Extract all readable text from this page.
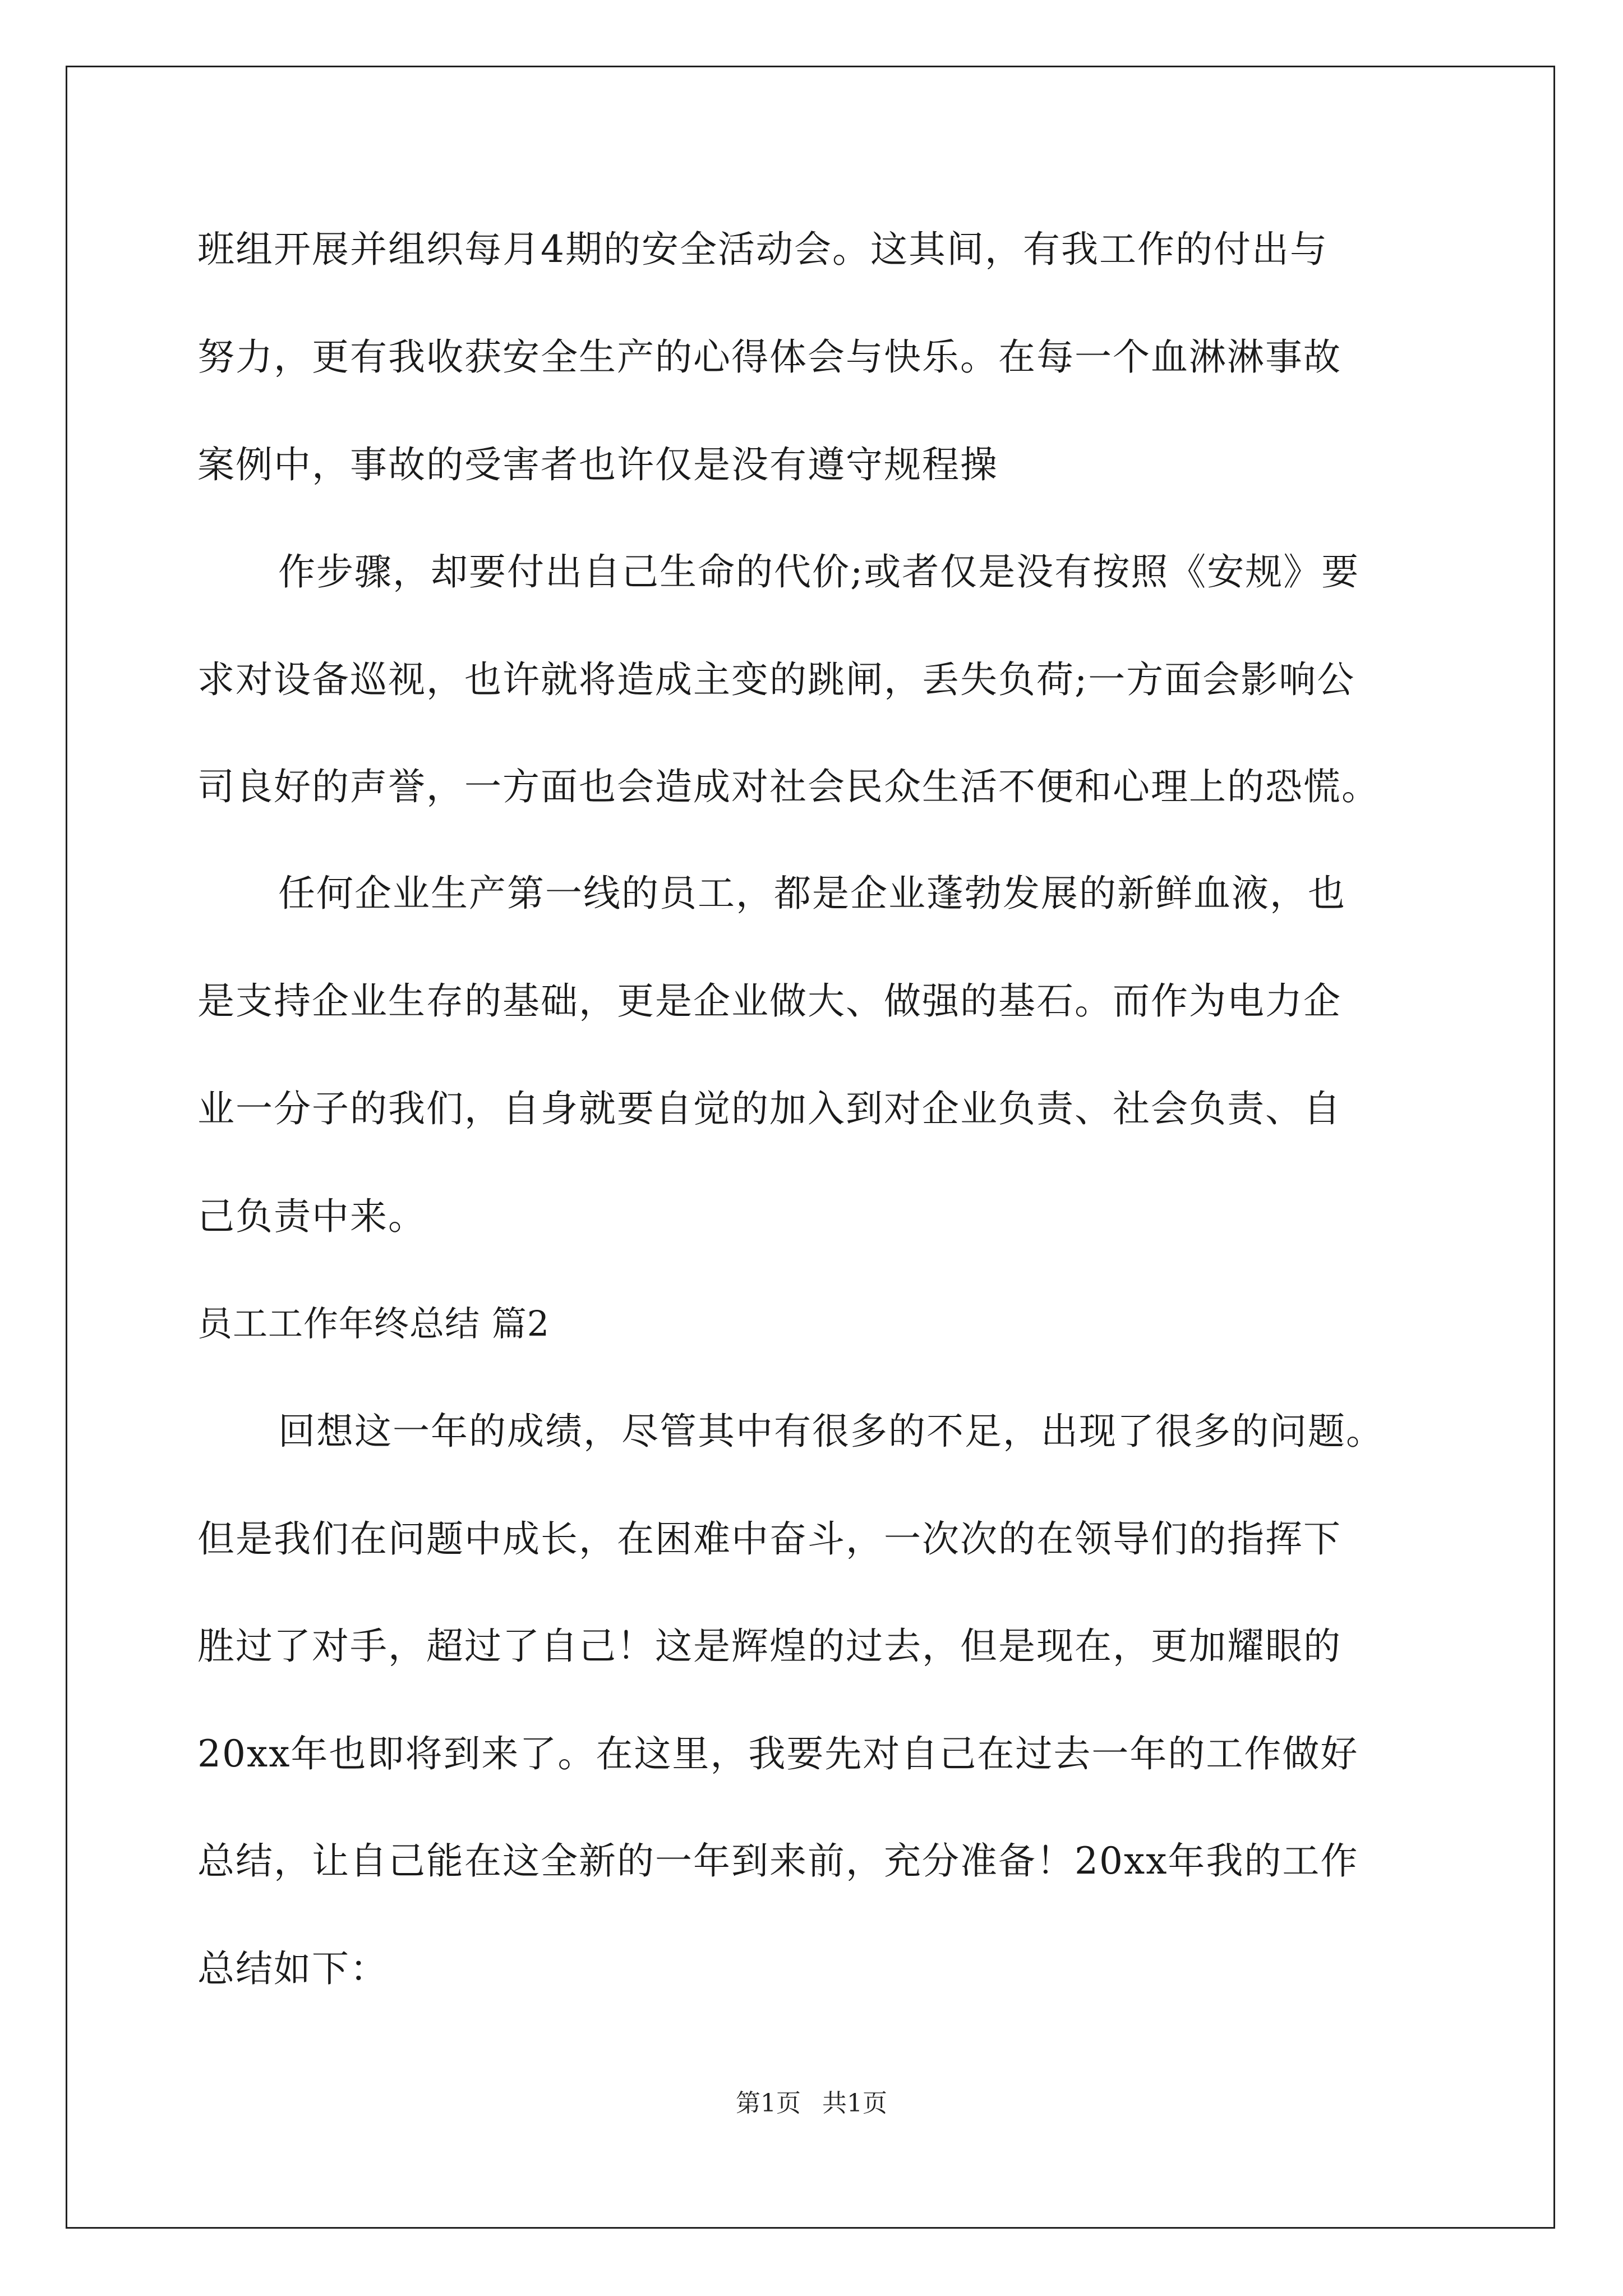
班组开展并组织每月4期的安全活动会。这其间，有我工作的付出与
努力，更有我收获安全生产的心得体会与快乐。在每一个血淋淋事故
案例中，事故的受害者也许仅是没有遵守规程操
作步骤，却要付出自己生命的代价;或者仅是没有按照《安规》要
求对设备巡视，也许就将造成主变的跳闸，丢失负荷;一方面会影响公
司良好的声誉，一方面也会造成对社会民众生活不便和心理上的恐慌。
任何企业生产第一线的员工，都是企业蓬勃发展的新鲜血液，也
是支持企业生存的基础，更是企业做大、做强的基石。而作为电力企
业一分子的我们，自身就要自觉的加入到对企业负责、社会负责、自
己负责中来。
员工工作年终总结 篇2
回想这一年的成绩，尽管其中有很多的不足，出现了很多的问题。
但是我们在问题中成长，在困难中奋斗，一次次的在领导们的指挥下
胜过了对手，超过了自己！这是辉煌的过去，但是现在，更加耀眼的
20xx年也即将到来了。在这里，我要先对自己在过去一年的工作做好
总结，让自己能在这全新的一年到来前，充分准备！20xx年我的工作
总结如下：
第1页 共1页
